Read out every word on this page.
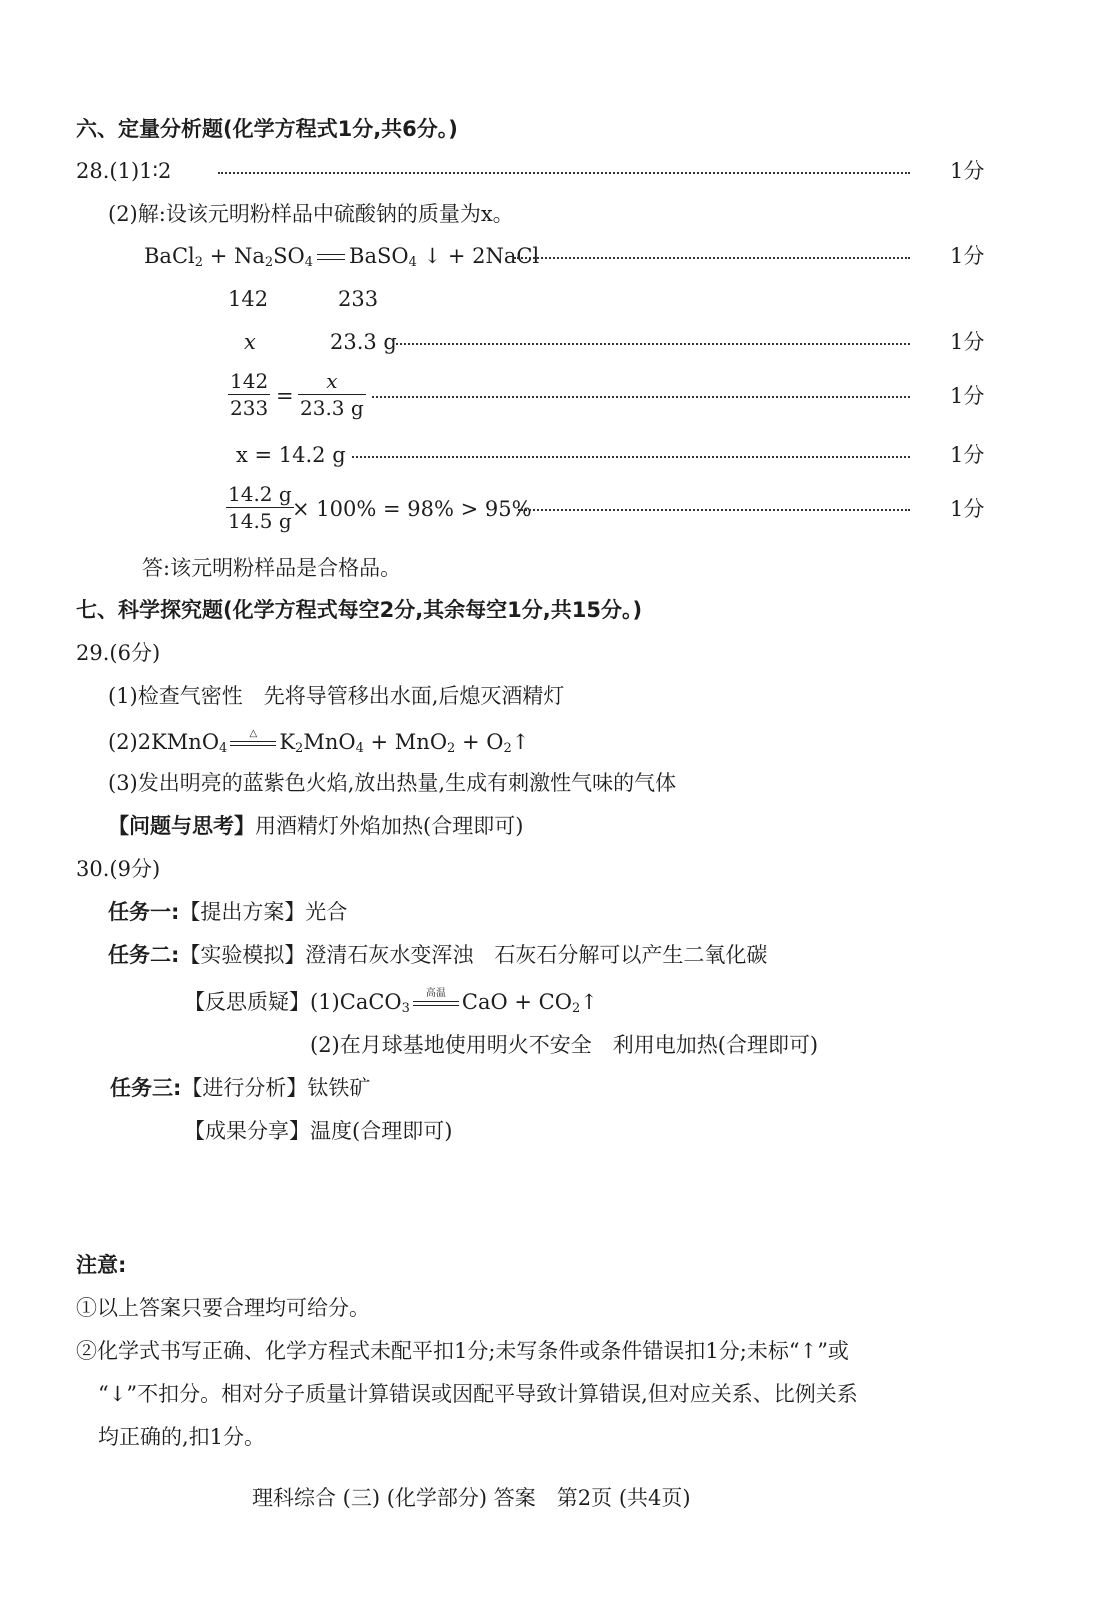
六、定量分析题(化学方程式1分,共6分。)
28.(1)1∶2	1分
(2)解:设该元明粉样品中硫酸钠的质量为x。
BaCl$_2$ + $Na_2SO_4$ BaSO$_4$ ↓ + 2NaCl	1分
142	233
x	23.3 g	1分
142
233 =
x
23.3 g	1分
x = 14.2 g	1分
14.2 g
14.5 g × 100% = 98% > 95%	1分
答:该元明粉样品是合格品。
七、科学探究题(化学方程式每空2分,其余每空1分,共15分。)
29.(6分)
(1)检查气密性　先将导管移出水面,后熄灭酒精灯
(2)2KMnO$_4$
△	$K_2MnO_4 + MnO_2$ + $O_2↑$
(3)发出明亮的蓝紫色火焰,放出热量,生成有刺激性气味的气体
【问题与思考】用酒精灯外焰加热(合理即可)
30.(9分)
任务一:【提出方案】光合
任务二:【实验模拟】澄清石灰水变浑浊　石灰石分解可以产生二氧化碳
【反思质疑】(1)CaCO$_3$
高温 CaO + $CO_2↑$
(2)在月球基地使用明火不安全　利用电加热(合理即可)
任务三:【进行分析】钛铁矿
【成果分享】温度(合理即可)
注意:
①以上答案只要合理均可给分。
②化学式书写正确、化学方程式未配平扣1分;未写条件或条件错误扣1分;未标“↑”或
“↓”不扣分。相对分子质量计算错误或因配平导致计算错误,但对应关系、比例关系
均正确的,扣1分。
理科综合 (三) (化学部分) 答案　第2页 (共4页)
